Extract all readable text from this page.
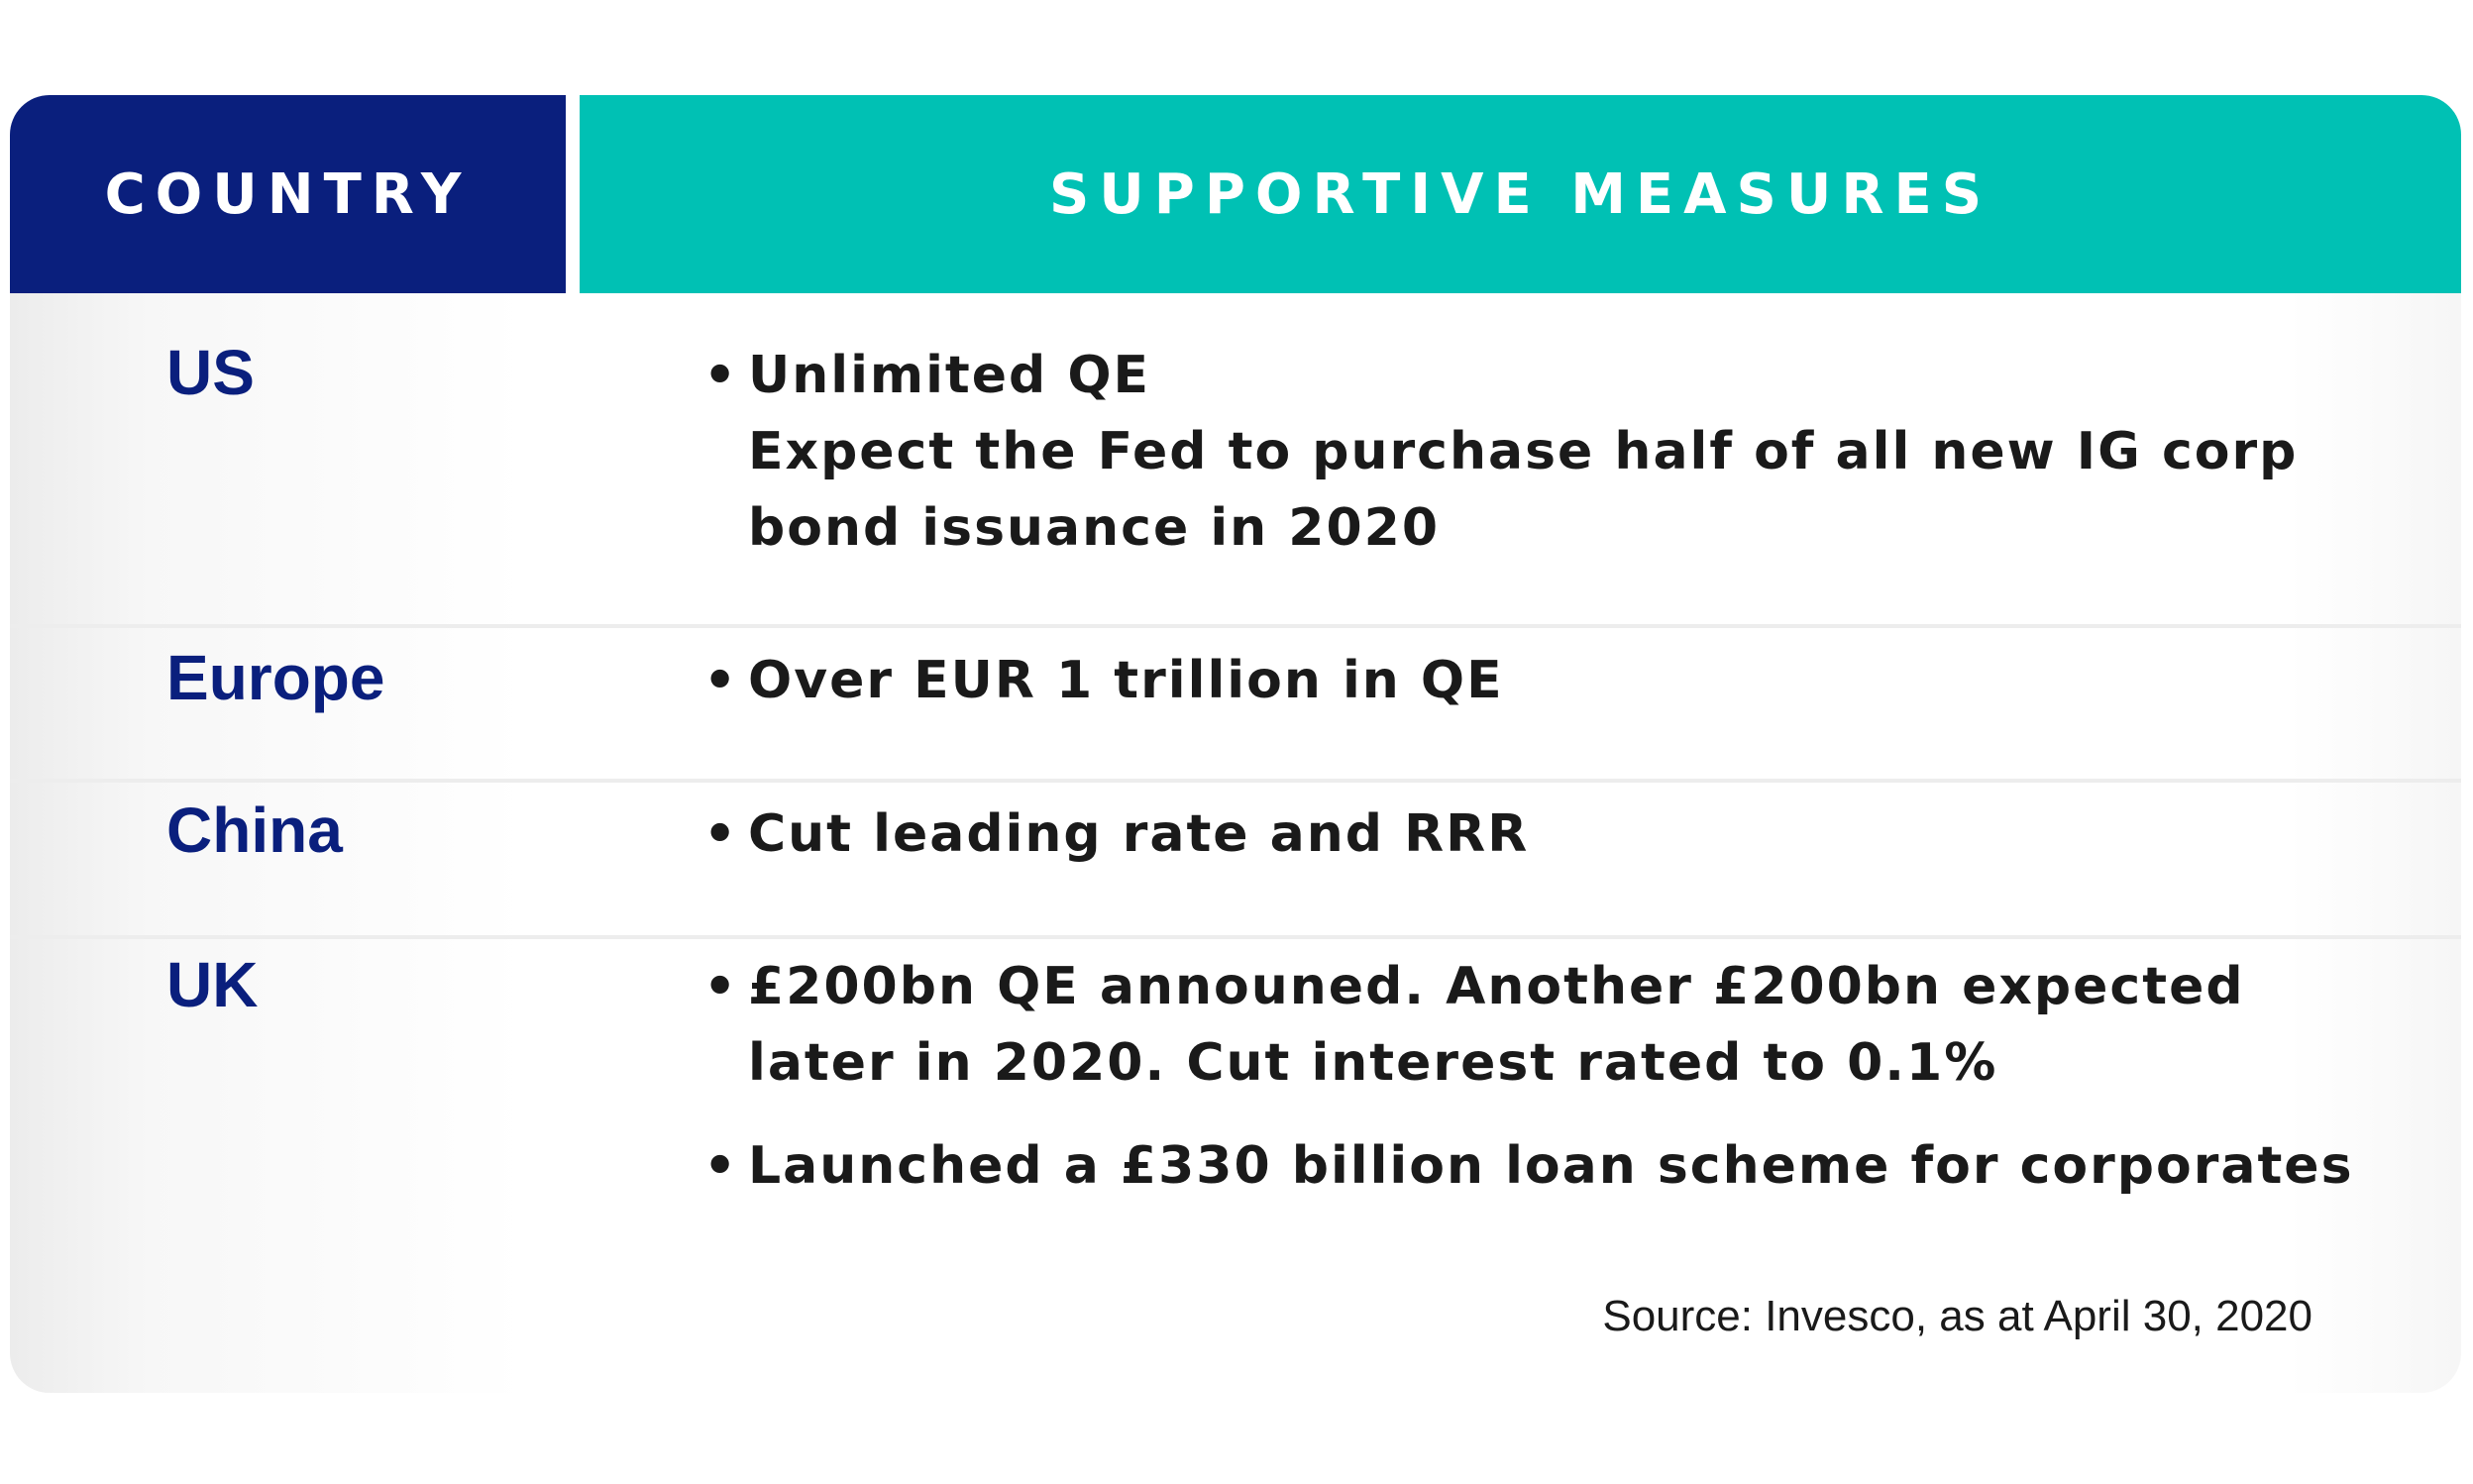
COUNTRY	SUPPORTIVE MEASURES
US	• Unlimited QE
Expect the Fed to purchase half of all new IG corp bond issuance in 2020
Europe	• Over EUR 1 trillion in QE
China	• Cut leading rate and RRR
UK	• £200bn QE announed. Another £200bn expected later in 2020. Cut interest rated to 0.1%
• Launched a £330 billion loan scheme for corporates
Source: Invesco, as at April 30, 2020
